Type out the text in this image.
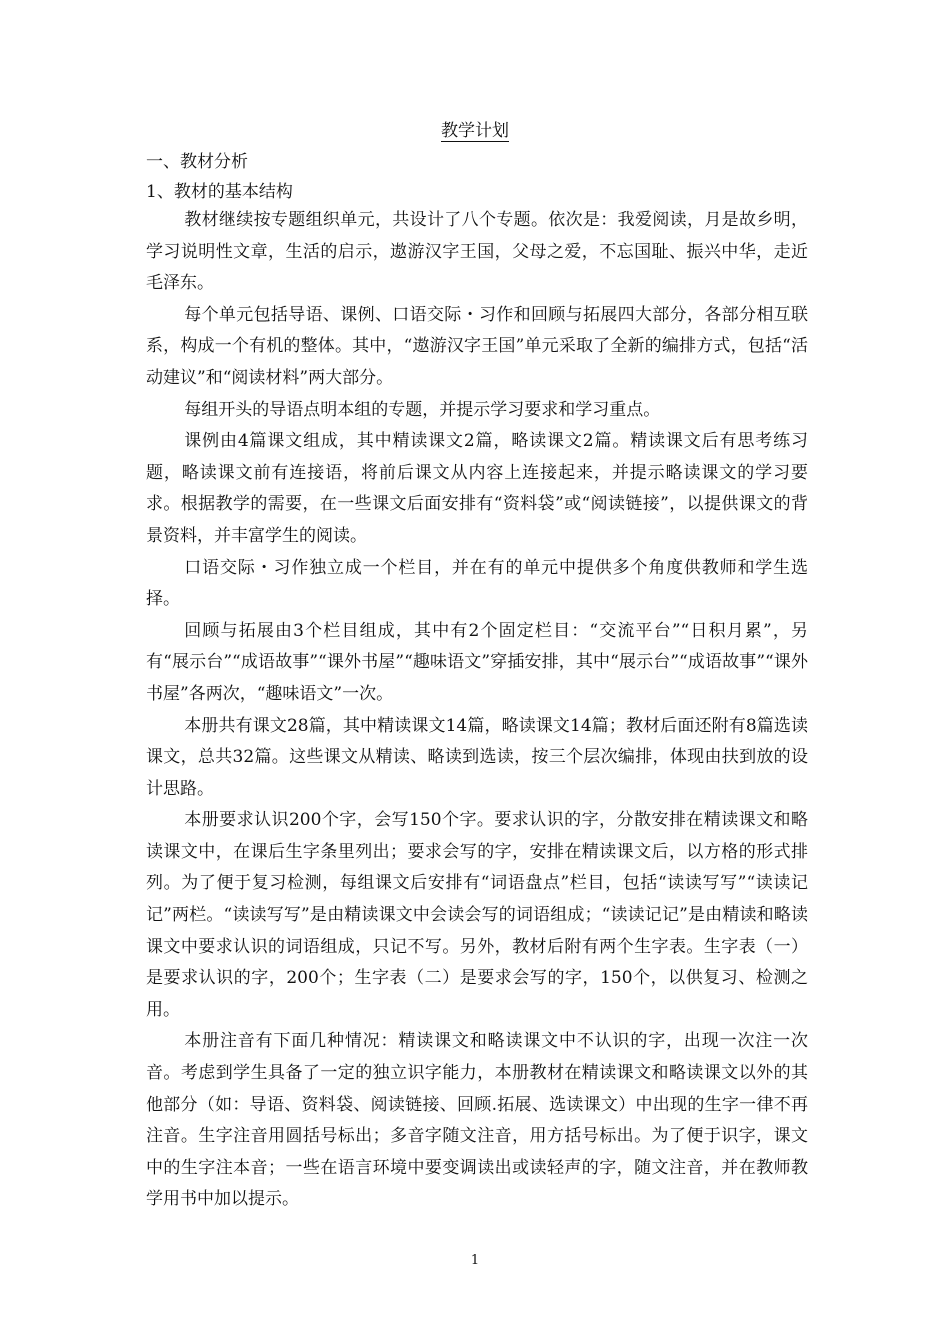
教学计划
一、教材分析
1、教材的基本结构

教材继续按专题组织单元，共设计了八个专题。依次是：我爱阅读，月是故乡明，学习说明性文章，生活的启示，遨游汉字王国，父母之爱，不忘国耻、振兴中华，走近毛泽东。

每个单元包括导语、课例、口语交际・习作和回顾与拓展四大部分，各部分相互联系，构成一个有机的整体。其中，“遨游汉字王国”单元采取了全新的编排方式，包括“活动建议”和“阅读材料”两大部分。

每组开头的导语点明本组的专题，并提示学习要求和学习重点。

课例由4篇课文组成，其中精读课文2篇，略读课文2篇。精读课文后有思考练习题，略读课文前有连接语，将前后课文从内容上连接起来，并提示略读课文的学习要求。根据教学的需要，在一些课文后面安排有“资料袋”或“阅读链接”，以提供课文的背景资料，并丰富学生的阅读。

口语交际・习作独立成一个栏目，并在有的单元中提供多个角度供教师和学生选择。

回顾与拓展由3个栏目组成，其中有2个固定栏目：“交流平台”“日积月累”，另有“展示台”“成语故事”“课外书屋”“趣味语文”穿插安排，其中“展示台”“成语故事”“课外书屋”各两次，“趣味语文”一次。

本册共有课文28篇，其中精读课文14篇，略读课文14篇；教材后面还附有8篇选读课文，总共32篇。这些课文从精读、略读到选读，按三个层次编排，体现由扶到放的设计思路。

本册要求认识200个字，会写150个字。要求认识的字，分散安排在精读课文和略读课文中，在课后生字条里列出；要求会写的字，安排在精读课文后，以方格的形式排列。为了便于复习检测，每组课文后安排有“词语盘点”栏目，包括“读读写写”“读读记记”两栏。“读读写写”是由精读课文中会读会写的词语组成；“读读记记”是由精读和略读课文中要求认识的词语组成，只记不写。另外，教材后附有两个生字表。生字表（一）是要求认识的字，200个；生字表（二）是要求会写的字，150个，以供复习、检测之用。

本册注音有下面几种情况：精读课文和略读课文中不认识的字，出现一次注一次音。考虑到学生具备了一定的独立识字能力，本册教材在精读课文和略读课文以外的其他部分（如：导语、资料袋、阅读链接、回顾.拓展、选读课文）中出现的生字一律不再注音。生字注音用圆括号标出；多音字随文注音，用方括号标出。为了便于识字，课文中的生字注本音；一些在语言环境中要变调读出或读轻声的字，随文注音，并在教师教学用书中加以提示。

1
